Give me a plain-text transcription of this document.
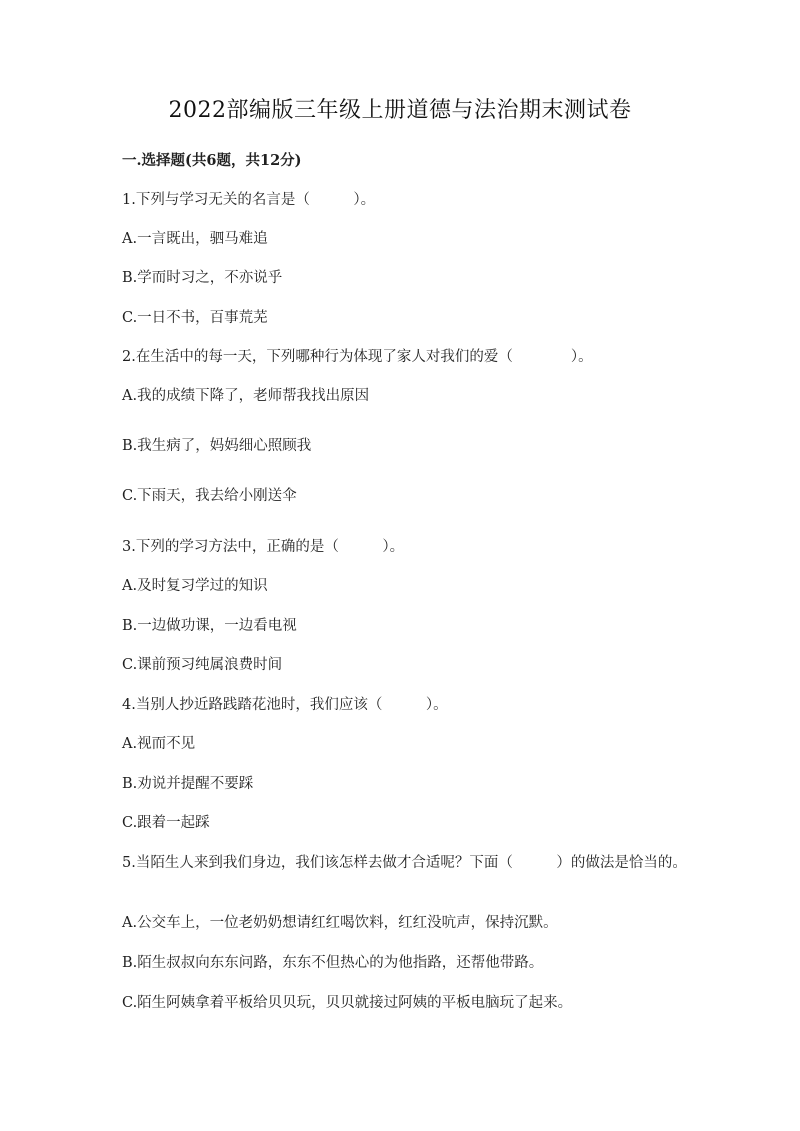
2022部编版三年级上册道德与法治期末测试卷
一.选择题(共6题，共12分)
1.下列与学习无关的名言是（　　　）。
A.一言既出，驷马难追
B.学而时习之，不亦说乎
C.一日不书，百事荒芜
2.在生活中的每一天，下列哪种行为体现了家人对我们的爱（　　　　）。
A.我的成绩下降了，老师帮我找出原因
B.我生病了，妈妈细心照顾我
C.下雨天，我去给小刚送伞
3.下列的学习方法中，正确的是（　　　）。
A.及时复习学过的知识
B.一边做功课，一边看电视
C.课前预习纯属浪费时间
4.当别人抄近路践踏花池时，我们应该（　　　）。
A.视而不见
B.劝说并提醒不要踩
C.跟着一起踩
5.当陌生人来到我们身边，我们该怎样去做才合适呢？下面（　　　）的做法是恰当的。
A.公交车上，一位老奶奶想请红红喝饮料，红红没吭声，保持沉默。
B.陌生叔叔向东东问路，东东不但热心的为他指路，还帮他带路。
C.陌生阿姨拿着平板给贝贝玩，贝贝就接过阿姨的平板电脑玩了起来。
